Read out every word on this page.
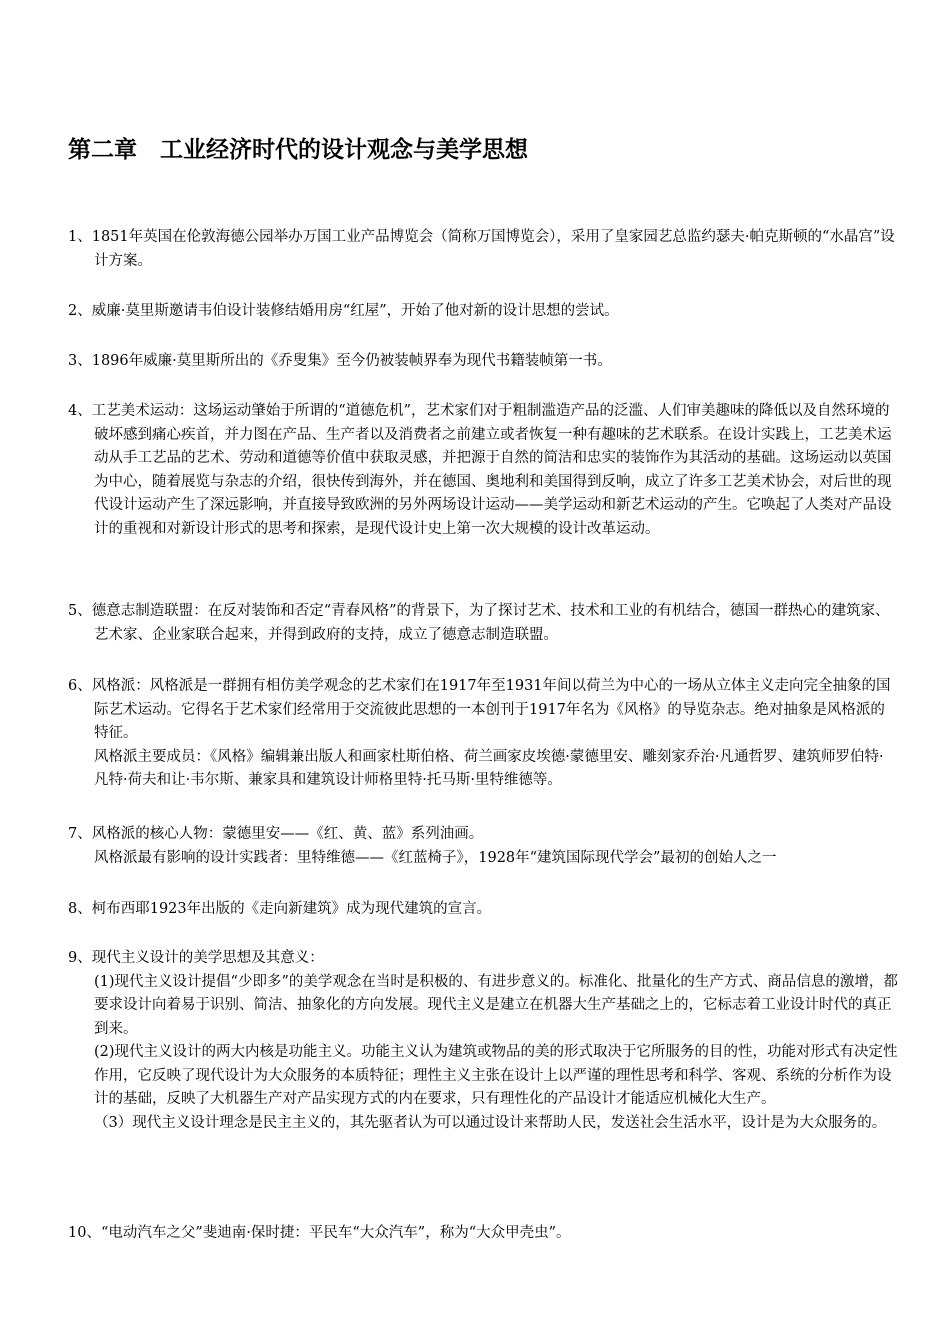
第二章　工业经济时代的设计观念与美学思想

1、1851年英国在伦敦海德公园举办万国工业产品博览会（简称万国博览会），采用了皇家园艺总监约瑟夫·帕克斯顿的“水晶宫”设计方案。

2、威廉·莫里斯邀请韦伯设计装修结婚用房“红屋”，开始了他对新的设计思想的尝试。

3、1896年威廉·莫里斯所出的《乔叟集》至今仍被装帧界奉为现代书籍装帧第一书。

4、工艺美术运动：这场运动肇始于所谓的“道德危机”，艺术家们对于粗制滥造产品的泛滥、人们审美趣味的降低以及自然环境的破坏感到痛心疾首，并力图在产品、生产者以及消费者之前建立或者恢复一种有趣味的艺术联系。在设计实践上，工艺美术运动从手工艺品的艺术、劳动和道德等价值中获取灵感，并把源于自然的简洁和忠实的装饰作为其活动的基础。这场运动以英国为中心，随着展览与杂志的介绍，很快传到海外，并在德国、奥地利和美国得到反响，成立了许多工艺美术协会，对后世的现代设计运动产生了深远影响，并直接导致欧洲的另外两场设计运动——美学运动和新艺术运动的产生。它唤起了人类对产品设计的重视和对新设计形式的思考和探索，是现代设计史上第一次大规模的设计改革运动。

5、德意志制造联盟：在反对装饰和否定“青春风格”的背景下，为了探讨艺术、技术和工业的有机结合，德国一群热心的建筑家、艺术家、企业家联合起来，并得到政府的支持，成立了德意志制造联盟。

6、风格派：风格派是一群拥有相仿美学观念的艺术家们在1917年至1931年间以荷兰为中心的一场从立体主义走向完全抽象的国际艺术运动。它得名于艺术家们经常用于交流彼此思想的一本创刊于1917年名为《风格》的导览杂志。绝对抽象是风格派的特征。

风格派主要成员：《风格》编辑兼出版人和画家杜斯伯格、荷兰画家皮埃德·蒙德里安、雕刻家乔治·凡通哲罗、建筑师罗伯特·凡特·荷夫和让·韦尔斯、兼家具和建筑设计师格里特·托马斯·里特维德等。

7、风格派的核心人物：蒙德里安——《红、黄、蓝》系列油画。

风格派最有影响的设计实践者：里特维德——《红蓝椅子》，1928年“建筑国际现代学会”最初的创始人之一

8、柯布西耶1923年出版的《走向新建筑》成为现代建筑的宣言。

9、现代主义设计的美学思想及其意义：

(1)现代主义设计提倡“少即多”的美学观念在当时是积极的、有进步意义的。标准化、批量化的生产方式、商品信息的激增，都要求设计向着易于识别、简洁、抽象化的方向发展。现代主义是建立在机器大生产基础之上的，它标志着工业设计时代的真正到来。

(2)现代主义设计的两大内核是功能主义。功能主义认为建筑或物品的美的形式取决于它所服务的目的性，功能对形式有决定性作用，它反映了现代设计为大众服务的本质特征；理性主义主张在设计上以严谨的理性思考和科学、客观、系统的分析作为设计的基础，反映了大机器生产对产品实现方式的内在要求，只有理性化的产品设计才能适应机械化大生产。

（3）现代主义设计理念是民主主义的，其先驱者认为可以通过设计来帮助人民，发送社会生活水平，设计是为大众服务的。

10、“电动汽车之父”斐迪南·保时捷：平民车“大众汽车”，称为“大众甲壳虫”。
